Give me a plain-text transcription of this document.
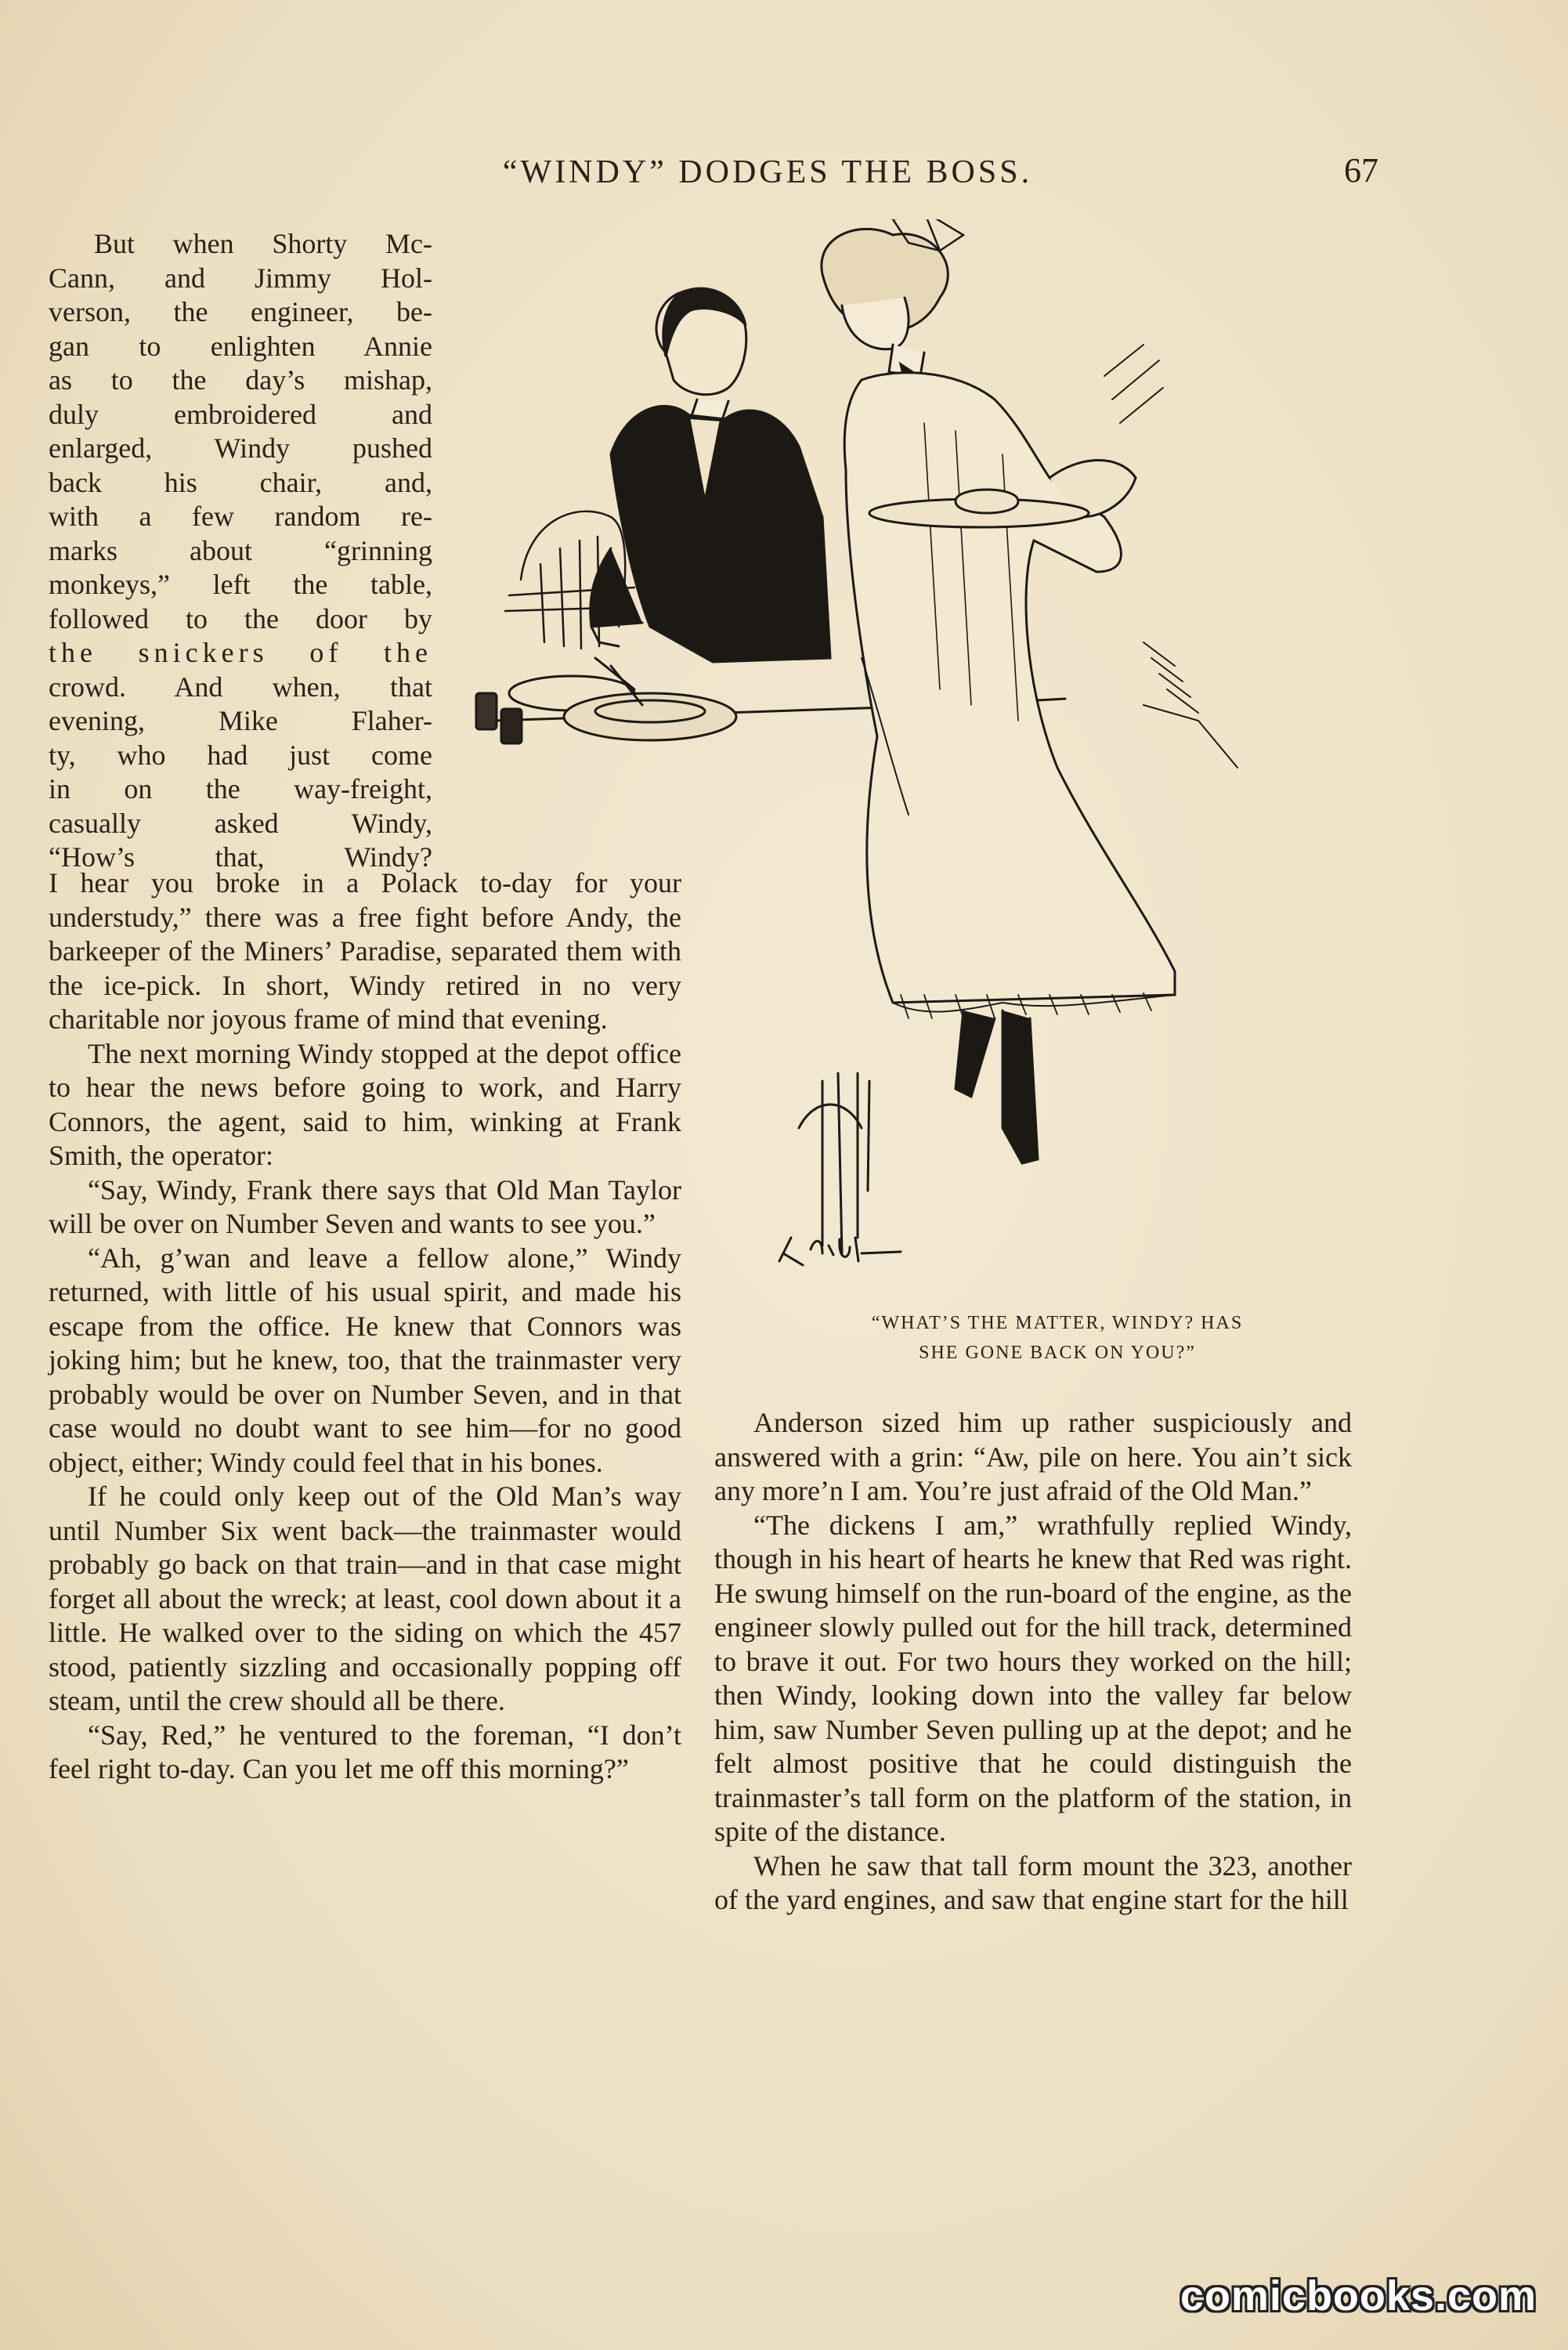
“WINDY” DODGES THE BOSS.	67

But when Shorty Mc-

Cann, and Jimmy Hol-

verson, the engineer, be-

gan to enlighten Annie

as to the day’s mishap,

duly embroidered and

enlarged, Windy pushed

back his chair, and,

with a few random re-

marks about “grinning

monkeys,” left the table,

followed to the door by

the snickers of the

crowd. And when, that

evening, Mike Flaher-

ty, who had just come

in on the way-freight,

casually asked Windy,

“How’s that, Windy?

I hear you broke in a Polack to-day for your understudy,” there was a free fight before Andy, the barkeeper of the Miners’ Paradise, separated them with the ice-pick. In short, Windy retired in no very charitable nor joyous frame of mind that evening.

The next morning Windy stopped at the depot office to hear the news before going to work, and Harry Connors, the agent, said to him, winking at Frank Smith, the operator:

“Say, Windy, Frank there says that Old Man Taylor will be over on Number Seven and wants to see you.”

“Ah, g’wan and leave a fellow alone,” Windy returned, with little of his usual spirit, and made his escape from the office. He knew that Connors was joking him; but he knew, too, that the trainmaster very probably would be over on Number Seven, and in that case would no doubt want to see him—for no good object, either; Windy could feel that in his bones.

If he could only keep out of the Old Man’s way until Number Six went back—the trainmaster would probably go back on that train—and in that case might forget all about the wreck; at least, cool down about it a little. He walked over to the siding on which the 457 stood, patiently sizzling and occasionally popping off steam, until the crew should all be there.

“Say, Red,” he ventured to the foreman, “I don’t feel right to-day. Can you let me off this morning?”

Anderson sized him up rather suspiciously and answered with a grin: “Aw, pile on here. You ain’t sick any more’n I am. You’re just afraid of the Old Man.”

“The dickens I am,” wrathfully replied Windy, though in his heart of hearts he knew that Red was right. He swung himself on the run-board of the engine, as the engineer slowly pulled out for the hill track, determined to brave it out. For two hours they worked on the hill; then Windy, looking down into the valley far below him, saw Number Seven pulling up at the depot; and he felt almost positive that he could distinguish the trainmaster’s tall form on the platform of the station, in spite of the distance.

When he saw that tall form mount the 323, another of the yard engines, and saw that engine start for the hill

Knight
“WHAT’S THE MATTER, WINDY? HAS
SHE GONE BACK ON YOU?”
comicbooks.com
